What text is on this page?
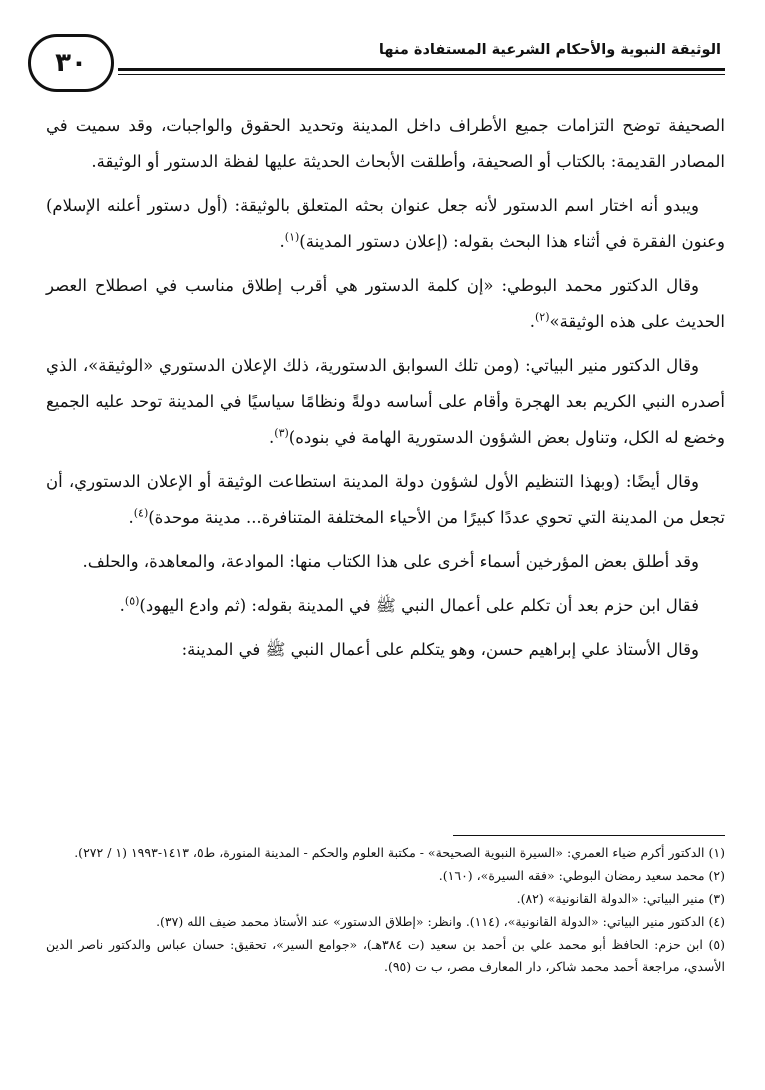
الوثيقة النبوية والأحكام الشرعية المستفادة منها
٣٠

الصحيفة توضح التزامات جميع الأطراف داخل المدينة وتحديد الحقوق والواجبات، وقد سميت في المصادر القديمة: بالكتاب أو الصحيفة، وأطلقت الأبحاث الحديثة عليها لفظة الدستور أو الوثيقة.

ويبدو أنه اختار اسم الدستور لأنه جعل عنوان بحثه المتعلق بالوثيقة: (أول دستور أعلنه الإسلام) وعنون الفقرة في أثناء هذا البحث بقوله: (إعلان دستور المدينة)$^{(١)}$.

وقال الدكتور محمد البوطي: «إن كلمة الدستور هي أقرب إطلاق مناسب في اصطلاح العصر الحديث على هذه الوثيقة»$^{(٢)}$.

وقال الدكتور منير البياتي: (ومن تلك السوابق الدستورية، ذلك الإعلان الدستوري «الوثيقة»، الذي أصدره النبي الكريم بعد الهجرة وأقام على أساسه دولةً ونظامًا سياسيًا في المدينة توحد عليه الجميع وخضع له الكل، وتناول بعض الشؤون الدستورية الهامة في بنوده)$^{(٣)}$.

وقال أيضًا: (وبهذا التنظيم الأول لشؤون دولة المدينة استطاعت الوثيقة أو الإعلان الدستوري، أن تجعل من المدينة التي تحوي عددًا كبيرًا من الأحياء المختلفة المتنافرة... مدينة موحدة)$^{(٤)}$.

وقد أطلق بعض المؤرخين أسماء أخرى على هذا الكتاب منها: الموادعة، والمعاهدة، والحلف.

فقال ابن حزم بعد أن تكلم على أعمال النبي ﷺ في المدينة بقوله: (ثم وادع اليهود)$^{(٥)}$.

وقال الأستاذ علي إبراهيم حسن، وهو يتكلم على أعمال النبي ﷺ في المدينة:

(١) الدكتور أكرم ضياء العمري: «السيرة النبوية الصحيحة» - مكتبة العلوم والحكم - المدينة المنورة، ط٥، ١٤١٣-١٩٩٣ (١ / ٢٧٢).
(٢) محمد سعيد رمضان البوطي: «فقه السيرة»، (١٦٠).
(٣) منير البياتي: «الدولة القانونية» (٨٢).
(٤) الدكتور منير البياتي: «الدولة القانونية»، (١١٤). وانظر: «إطلاق الدستور» عند الأستاذ محمد ضيف الله (٣٧).
(٥) ابن حزم: الحافظ أبو محمد علي بن أحمد بن سعيد (ت ٣٨٤هـ)، «جوامع السير»، تحقيق: حسان عباس والدكتور ناصر الدين الأسدي، مراجعة أحمد محمد شاكر، دار المعارف مصر، ب ت (٩٥).
